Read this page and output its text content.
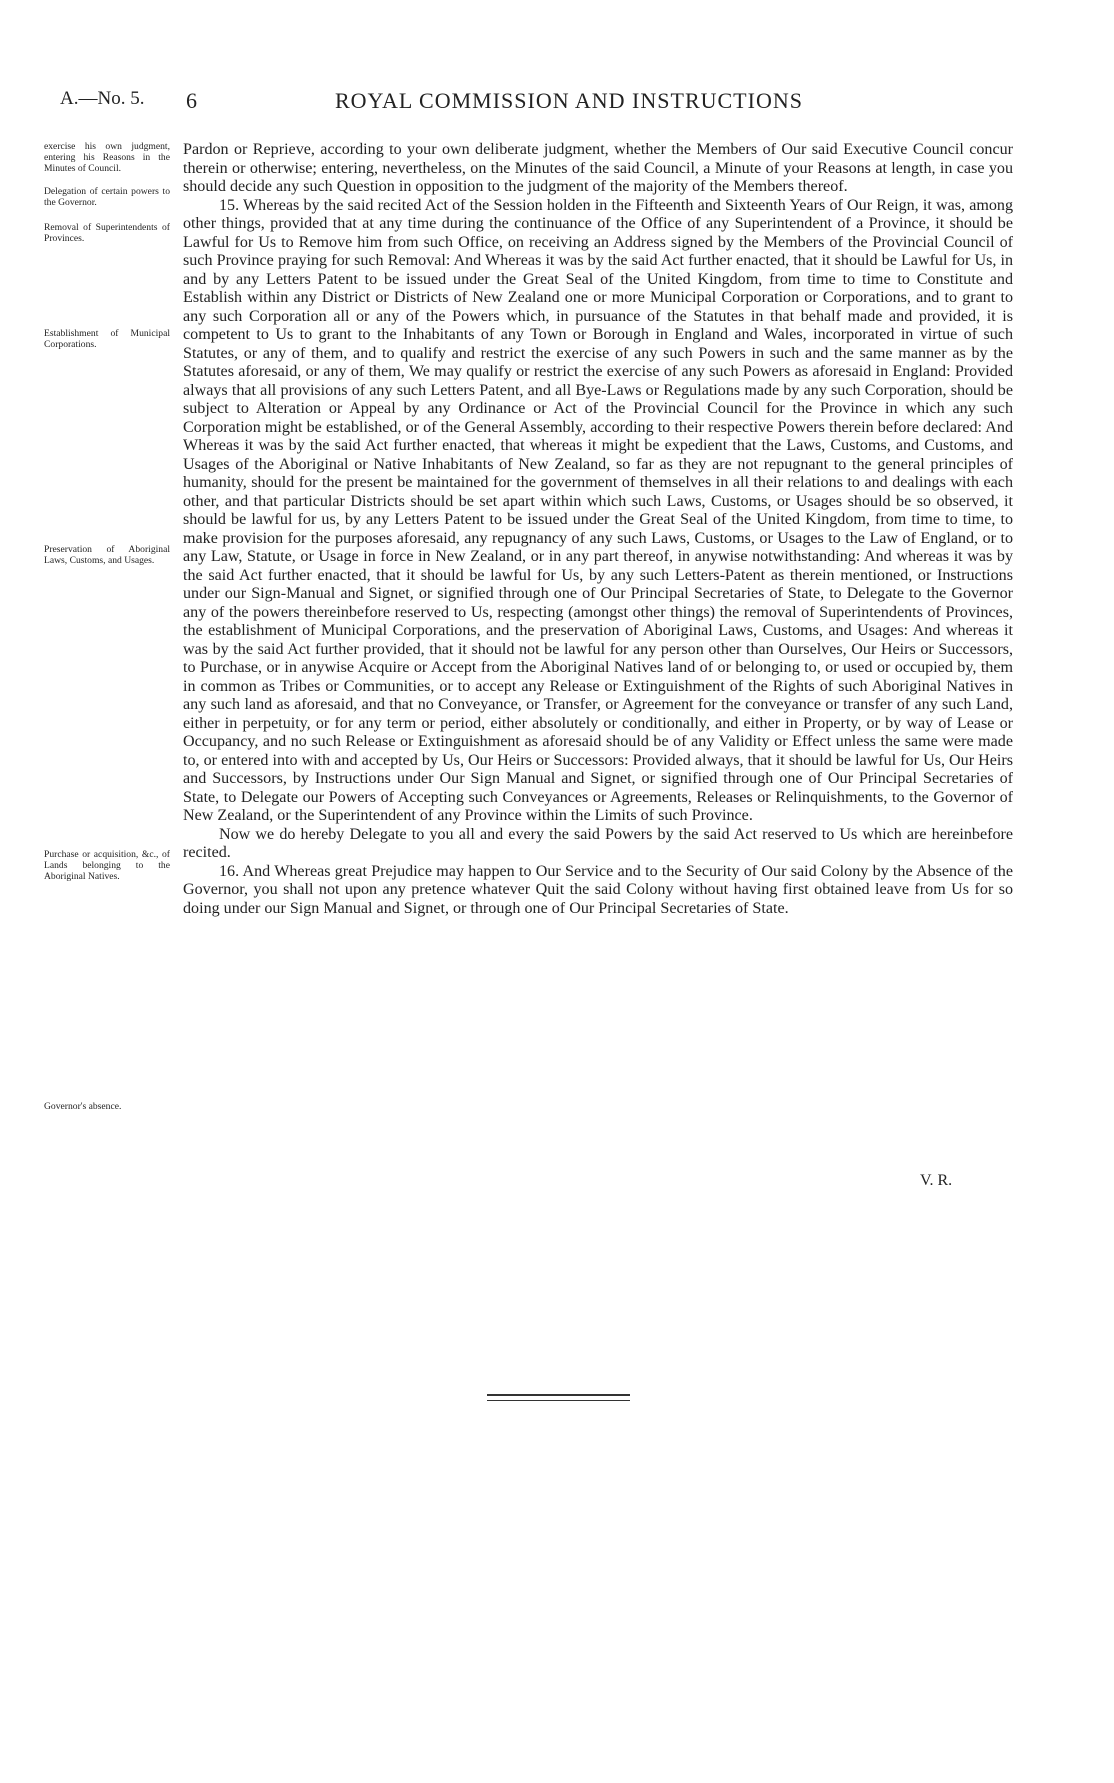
A.—No. 5. 6	ROYAL COMMISSION AND INSTRUCTIONS
exercise his own judgment, entering his Reasons in the Minutes of Council.
Delegation of certain powers to the Governor.
Removal of Superintendents of Provinces.
Establishment of Municipal Corporations.
Preservation of Aboriginal Laws, Customs, and Usages.
Purchase or acquisition, &c., of Lands belonging to the Aboriginal Natives.
Governor's absence.

Pardon or Reprieve, according to your own deliberate judgment, whether the Members of Our said Executive Council concur therein or otherwise; entering, nevertheless, on the Minutes of the said Council, a Minute of your Reasons at length, in case you should decide any such Question in opposition to the judgment of the majority of the Members thereof.

15. Whereas by the said recited Act of the Session holden in the Fifteenth and Sixteenth Years of Our Reign, it was, among other things, provided that at any time during the continuance of the Office of any Superintendent of a Province, it should be Lawful for Us to Remove him from such Office, on receiving an Address signed by the Members of the Provincial Council of such Province praying for such Removal: And Whereas it was by the said Act further enacted, that it should be Lawful for Us, in and by any Letters Patent to be issued under the Great Seal of the United Kingdom, from time to time to Constitute and Establish within any District or Districts of New Zealand one or more Municipal Corporation or Corporations, and to grant to any such Corporation all or any of the Powers which, in pursuance of the Statutes in that behalf made and provided, it is competent to Us to grant to the Inhabitants of any Town or Borough in England and Wales, incorporated in virtue of such Statutes, or any of them, and to qualify and restrict the exercise of any such Powers in such and the same manner as by the Statutes aforesaid, or any of them, We may qualify or restrict the exercise of any such Powers as aforesaid in England: Provided always that all provisions of any such Letters Patent, and all Bye-Laws or Regulations made by any such Corporation, should be subject to Alteration or Appeal by any Ordinance or Act of the Provincial Council for the Province in which any such Corporation might be established, or of the General Assembly, according to their respective Powers therein before declared: And Whereas it was by the said Act further enacted, that whereas it might be expedient that the Laws, Customs, and Customs, and Usages of the Aboriginal or Native Inhabitants of New Zealand, so far as they are not repugnant to the general principles of humanity, should for the present be maintained for the government of themselves in all their relations to and dealings with each other, and that particular Districts should be set apart within which such Laws, Customs, or Usages should be so observed, it should be lawful for us, by any Letters Patent to be issued under the Great Seal of the United Kingdom, from time to time, to make provision for the purposes aforesaid, any repugnancy of any such Laws, Customs, or Usages to the Law of England, or to any Law, Statute, or Usage in force in New Zealand, or in any part thereof, in anywise notwithstanding: And whereas it was by the said Act further enacted, that it should be lawful for Us, by any such Letters-Patent as therein mentioned, or Instructions under our Sign-Manual and Signet, or signified through one of Our Principal Secretaries of State, to Delegate to the Governor any of the powers thereinbefore reserved to Us, respecting (amongst other things) the removal of Superintendents of Provinces, the establishment of Municipal Corporations, and the preservation of Aboriginal Laws, Customs, and Usages: And whereas it was by the said Act further provided, that it should not be lawful for any person other than Ourselves, Our Heirs or Successors, to Purchase, or in anywise Acquire or Accept from the Aboriginal Natives land of or belonging to, or used or occupied by, them in common as Tribes or Communities, or to accept any Release or Extinguishment of the Rights of such Aboriginal Natives in any such land as aforesaid, and that no Conveyance, or Transfer, or Agreement for the conveyance or transfer of any such Land, either in perpetuity, or for any term or period, either absolutely or conditionally, and either in Property, or by way of Lease or Occupancy, and no such Release or Extinguishment as aforesaid should be of any Validity or Effect unless the same were made to, or entered into with and accepted by Us, Our Heirs or Successors: Provided always, that it should be lawful for Us, Our Heirs and Successors, by Instructions under Our Sign Manual and Signet, or signified through one of Our Principal Secretaries of State, to Delegate our Powers of Accepting such Conveyances or Agreements, Releases or Relinquishments, to the Governor of New Zealand, or the Superintendent of any Province within the Limits of such Province.

Now we do hereby Delegate to you all and every the said Powers by the said Act reserved to Us which are hereinbefore recited.

16. And Whereas great Prejudice may happen to Our Service and to the Security of Our said Colony by the Absence of the Governor, you shall not upon any pretence whatever Quit the said Colony without having first obtained leave from Us for so doing under our Sign Manual and Signet, or through one of Our Principal Secretaries of State.

V. R.
